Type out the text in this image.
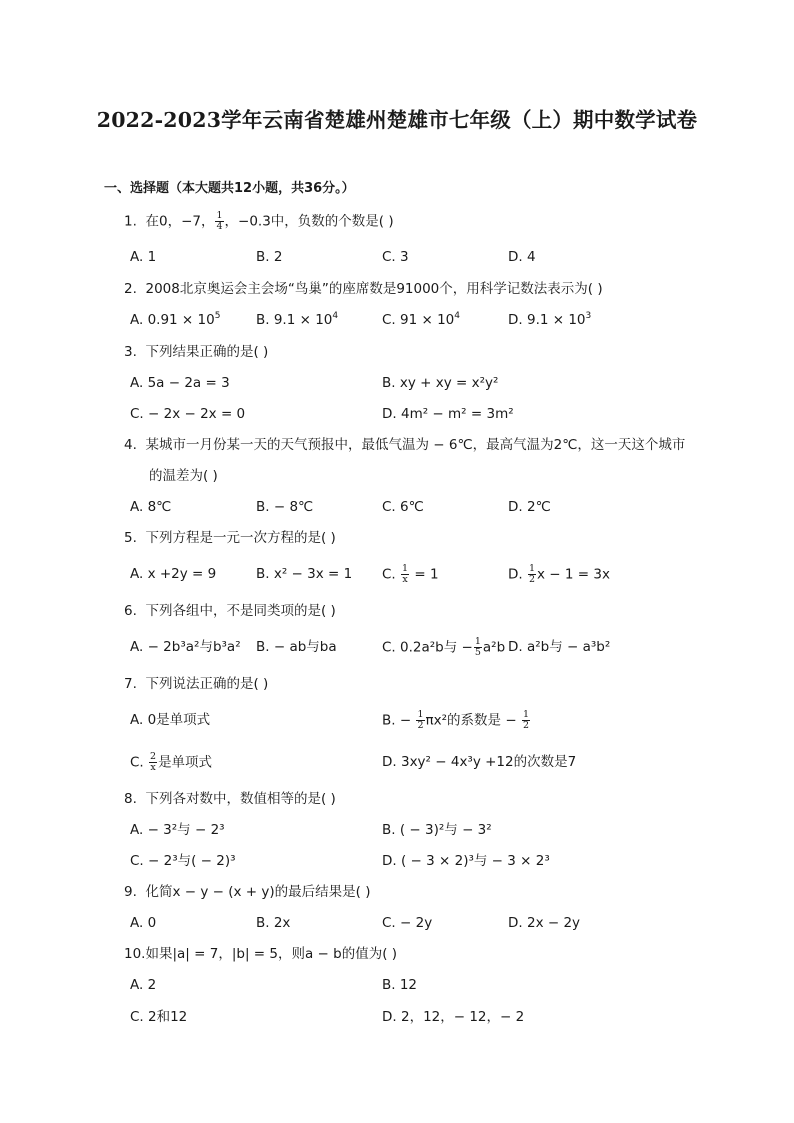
2022-2023学年云南省楚雄州楚雄市七年级（上）期中数学试卷
一、选择题（本大题共12小题，共36分。）
1. 在0，−7， $\frac{1}{4}$ ，−0.3中，负数的个数是( )
A. 1	B. 2	C. 3	D. 4
2. 2008北京奥运会主会场“鸟巢”的座席数是91000个，用科学记数法表示为( )
A. $0.91 \times 10^5$	B. $9.1 \times 10^4$	C. $91 \times 10^4$	D. $9.1 \times 10^3$
3. 下列结果正确的是( )
A. 5a − 2a = 3	B. xy + xy = x²y²
C. − 2x − 2x = 0	D. 4m² − m² = 3m²
4. 某城市一月份某一天的天气预报中，最低气温为 − 6℃，最高气温为2℃，这一天这个城市
的温差为( )
A. 8℃	B. − 8℃	C. 6℃	D. 2℃
5. 下列方程是一元一次方程的是( )
A. x +2y = 9	B. x² − 3x = 1 C. $\frac{1}{x} = 1$	D. $\frac{1}{2}$ x − 1 = 3x
6. 下列各组中，不是同类项的是( )
A. − 2b³a²与b³a² B. − ab与ba	C. 0.2a²b与 − $\frac{1}{5} a^2b$ D. a²b与 − a³b²
7. 下列说法正确的是( )
A. 0是单项式	B. − $\frac{1}{2} \pi x^2$的系数是 − $\frac{1}{2}$
C. $\frac{2}{x}$ 是单项式	D. 3xy² − 4x³y +12的次数是7
8. 下列各对数中，数值相等的是( )
A. − 3²与 − 2³	B. ( − 3)²与 − 3²
C. − 2³与( − 2)³	D. ( − 3 × 2)³与 − 3 × 2³
9. 化简x − y − (x + y)的最后结果是( )
A. 0	B. 2x	C. − 2y	D. 2x − 2y
10.如果|a| = 7，|b| = 5，则a − b的值为( )
A. 2	B. 12
C. 2和12	D. 2，12，− 12，− 2
